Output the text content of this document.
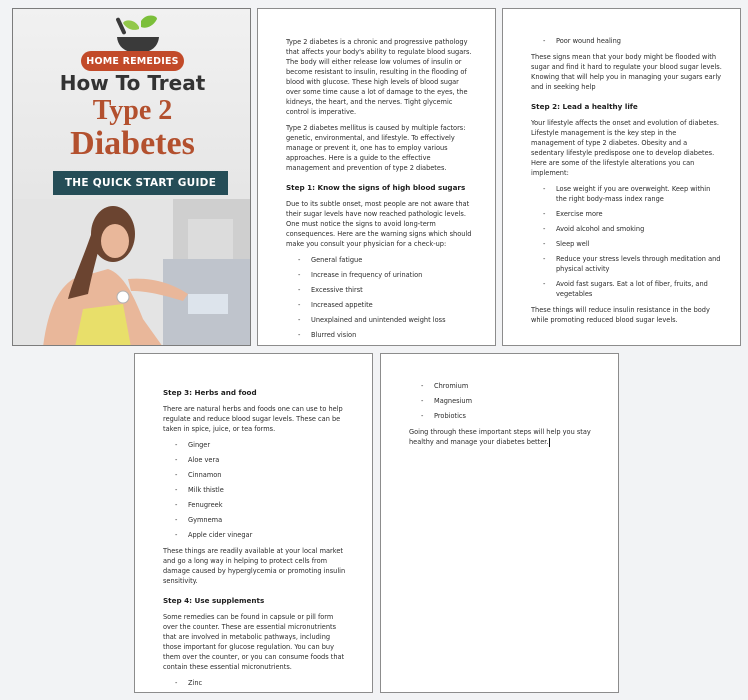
HOME REMEDIES
How To Treat
Type 2
Diabetes
THE QUICK START GUIDE

Type 2 diabetes is a chronic and progressive pathology that affects your body's ability to regulate blood sugars. The body will either release low volumes of insulin or become resistant to insulin, resulting in the flooding of blood with glucose. These high levels of blood sugar over some time cause a lot of damage to the eyes, the kidneys, the heart, and the nerves. Tight glycemic control is imperative.

Type 2 diabetes mellitus is caused by multiple factors: genetic, environmental, and lifestyle. To effectively manage or prevent it, one has to employ various approaches. Here is a guide to the effective management and prevention of type 2 diabetes.

Step 1: Know the signs of high blood sugars

Due to its subtle onset, most people are not aware that their sugar levels have now reached pathologic levels. One must notice the signs to avoid long-term consequences. Here are the warning signs which should make you consult your physician for a check-up:

- General fatigue
- Increase in frequency of urination
- Excessive thirst
- Increased appetite
- Unexplained and unintended weight loss
- Blurred vision
- Poor wound healing

These signs mean that your body might be flooded with sugar and find it hard to regulate your blood sugar levels. Knowing that will help you in managing your sugars early and in seeking help

Step 2: Lead a healthy life

Your lifestyle affects the onset and evolution of diabetes. Lifestyle management is the key step in the management of type 2 diabetes. Obesity and a sedentary lifestyle predispose one to develop diabetes. Here are some of the lifestyle alterations you can implement:

- Lose weight if you are overweight. Keep within the right body-mass index range
- Exercise more
- Avoid alcohol and smoking
- Sleep well
- Reduce your stress levels through meditation and physical activity
- Avoid fast sugars. Eat a lot of fiber, fruits, and vegetables

These things will reduce insulin resistance in the body while promoting reduced blood sugar levels.

Step 3: Herbs and food

There are natural herbs and foods one can use to help regulate and reduce blood sugar levels. These can be taken in spice, juice, or tea forms.

- Ginger
- Aloe vera
- Cinnamon
- Milk thistle
- Fenugreek
- Gymnema
- Apple cider vinegar

These things are readily available at your local market and go a long way in helping to protect cells from damage caused by hyperglycemia or promoting insulin sensitivity.

Step 4: Use supplements

Some remedies can be found in capsule or pill form over the counter. These are essential micronutrients that are involved in metabolic pathways, including those important for glucose regulation. You can buy them over the counter, or you can consume foods that contain these essential micronutrients.

- Zinc
- Chromium
- Magnesium
- Probiotics

Going through these important steps will help you stay healthy and manage your diabetes better.
